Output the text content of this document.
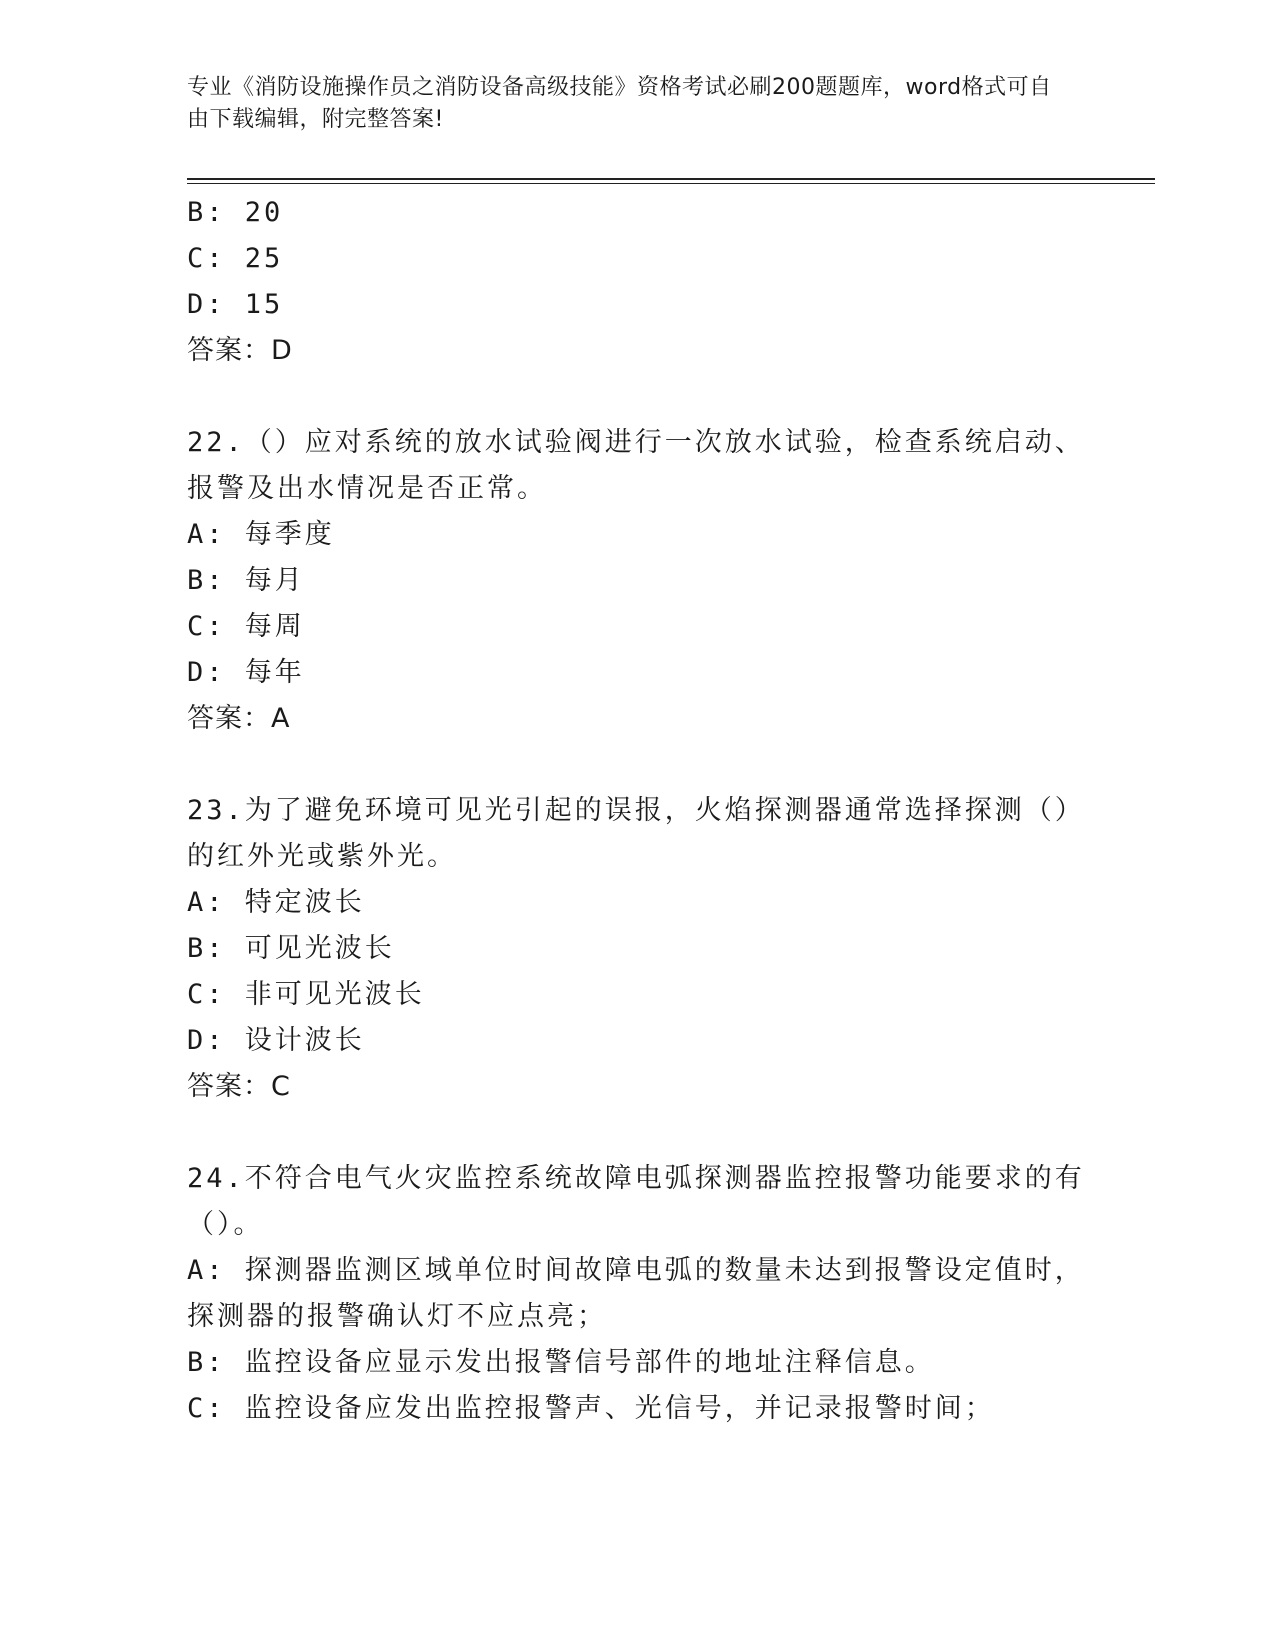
专业《消防设施操作员之消防设备高级技能》资格考试必刷200题题库，word格式可自由下载编辑，附完整答案!
B: 20
C: 25
D: 15
答案：D
22.（）应对系统的放水试验阀进行一次放水试验，检查系统启动、报警及出水情况是否正常。
A: 每季度
B: 每月
C: 每周
D: 每年
答案：A
23.为了避免环境可见光引起的误报，火焰探测器通常选择探测（）的红外光或紫外光。
A: 特定波长
B: 可见光波长
C: 非可见光波长
D: 设计波长
答案：C
24.不符合电气火灾监控系统故障电弧探测器监控报警功能要求的有（）。
A: 探测器监测区域单位时间故障电弧的数量未达到报警设定值时，探测器的报警确认灯不应点亮；
B: 监控设备应显示发出报警信号部件的地址注释信息。
C: 监控设备应发出监控报警声、光信号，并记录报警时间；
